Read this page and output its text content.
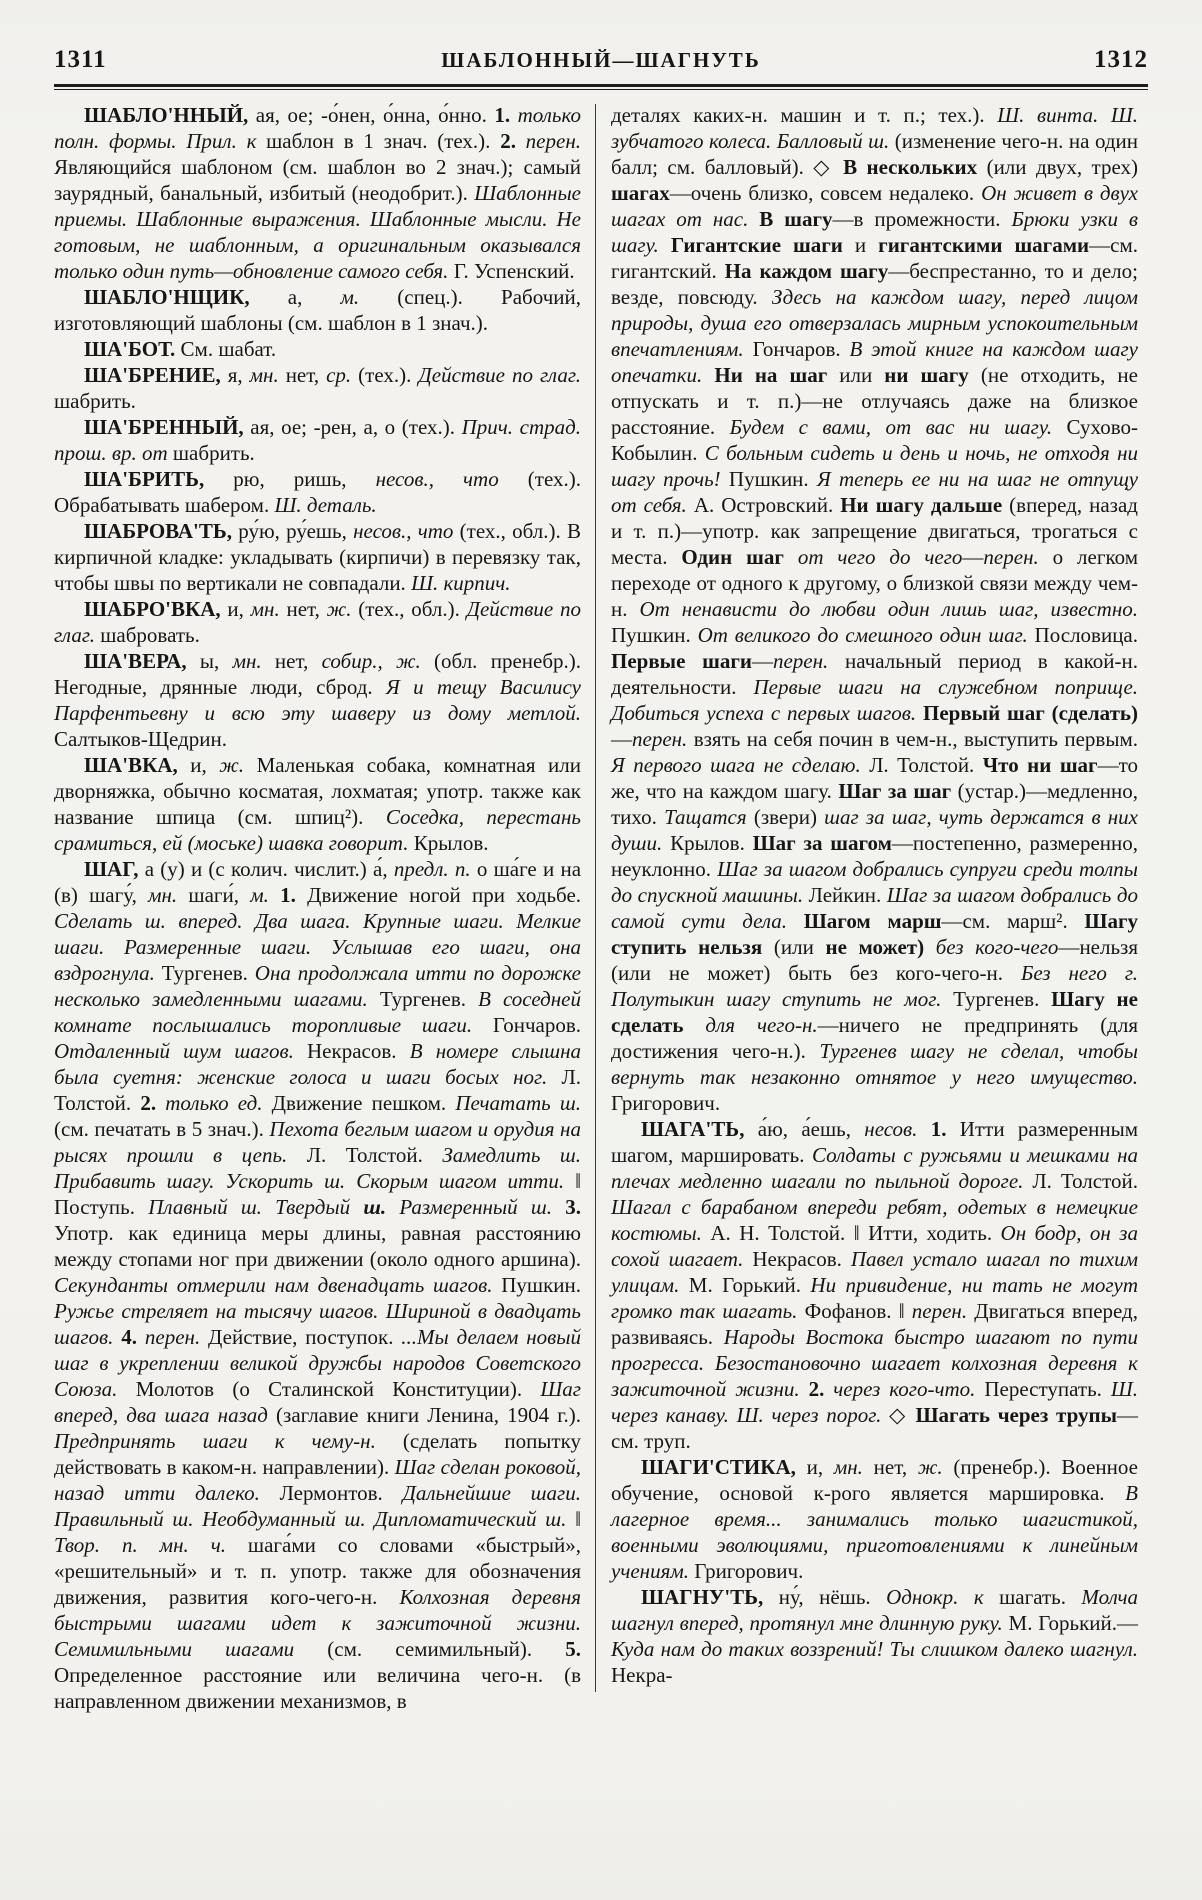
1311	ШАБЛОННЫЙ—ШАГНУТЬ	1312

ШАБЛО'ННЫЙ, ая, ое; -о́нен, о́нна, о́нно. 1. только полн. формы. Прил. к шаблон в 1 знач. (тех.). 2. перен. Являющийся шаблоном (см. шаблон во 2 знач.); самый заурядный, банальный, избитый (неодобрит.). Шаблонные приемы. Шаблонные выражения. Шаблонные мысли. Не готовым, не шаблонным, а оригинальным оказывался только один путь—обновление самого себя. Г. Успенский.

ШАБЛО'НЩИК, а, м. (спец.). Рабочий, изготовляющий шаблоны (см. шаблон в 1 знач.).

ША'БОТ. См. шабат.

ША'БРЕНИЕ, я, мн. нет, ср. (тех.). Действие по глаг. шабрить.

ША'БРЕННЫЙ, ая, ое; -рен, а, о (тех.). Прич. страд. прош. вр. от шабрить.

ША'БРИТЬ, рю, ришь, несов., что (тех.). Обрабатывать шабером. Ш. деталь.

ШАБРОВА'ТЬ, ру́ю, ру́ешь, несов., что (тех., обл.). В кирпичной кладке: укладывать (кирпичи) в перевязку так, чтобы швы по вертикали не совпадали. Ш. кирпич.

ШАБРО'ВКА, и, мн. нет, ж. (тех., обл.). Действие по глаг. шабровать.

ША'ВЕРА, ы, мн. нет, собир., ж. (обл. пренебр.). Негодные, дрянные люди, сброд. Я и тещу Василису Парфентьевну и всю эту шаверу из дому метлой. Салтыков-Щедрин.

ША'ВКА, и, ж. Маленькая собака, комнатная или дворняжка, обычно косматая, лохматая; употр. также как название шпица (см. шпиц²). Соседка, перестань срамиться, ей (моське) шавка говорит. Крылов.

ШАГ, а (у) и (с колич. числит.) а́, предл. п. о ша́ге и на (в) шагу́, мн. шаги́, м. 1. Движение ногой при ходьбе. Сделать ш. вперед. Два шага. Крупные шаги. Мелкие шаги. Размеренные шаги. Услышав его шаги, она вздрогнула. Тургенев. Она продолжала итти по дорожке несколько замедленными шагами. Тургенев. В соседней комнате послышались торопливые шаги. Гончаров. Отдаленный шум шагов. Некрасов. В номере слышна была суетня: женские голоса и шаги босых ног. Л. Толстой. 2. только ед. Движение пешком. Печатать ш. (см. печатать в 5 знач.). Пехота беглым шагом и орудия на рысях прошли в цепь. Л. Толстой. Замедлить ш. Прибавить шагу. Ускорить ш. Скорым шагом итти. ‖ Поступь. Плавный ш. Твердый ш. Размеренный ш. 3. Употр. как единица меры длины, равная расстоянию между стопами ног при движении (около одного аршина). Секунданты отмерили нам двенадцать шагов. Пушкин. Ружье стреляет на тысячу шагов. Шириной в двадцать шагов. 4. перен. Действие, поступок. ...Мы делаем новый шаг в укреплении великой дружбы народов Советского Союза. Молотов (о Сталинской Конституции). Шаг вперед, два шага назад (заглавие книги Ленина, 1904 г.). Предпринять шаги к чему-н. (сделать попытку действовать в каком-н. направлении). Шаг сделан роковой, назад итти далеко. Лермонтов. Дальнейшие шаги. Правильный ш. Необдуманный ш. Дипломатический ш. ‖ Твор. п. мн. ч. шага́ми со словами «быстрый», «решительный» и т. п. употр. также для обозначения движения, развития кого-чего-н. Колхозная деревня быстрыми шагами идет к зажиточной жизни. Семимильными шагами (см. семимильный). 5. Определенное расстояние или величина чего-н. (в направленном движении механизмов, в

деталях каких-н. машин и т. п.; тех.). Ш. винта. Ш. зубчатого колеса. Балловый ш. (изменение чего-н. на один балл; см. балловый). ◇ В нескольких (или двух, трех) шагах—очень близко, совсем недалеко. Он живет в двух шагах от нас. В шагу—в промежности. Брюки узки в шагу. Гигантские шаги и гигантскими шагами—см. гигантский. На каждом шагу—беспрестанно, то и дело; везде, повсюду. Здесь на каждом шагу, перед лицом природы, душа его отверзалась мирным успокоительным впечатлениям. Гончаров. В этой книге на каждом шагу опечатки. Ни на шаг или ни шагу (не отходить, не отпускать и т. п.)—не отлучаясь даже на близкое расстояние. Будем с вами, от вас ни шагу. Сухово-Кобылин. С больным сидеть и день и ночь, не отходя ни шагу прочь! Пушкин. Я теперь ее ни на шаг не отпущу от себя. А. Островский. Ни шагу дальше (вперед, назад и т. п.)—употр. как запрещение двигаться, трогаться с места. Один шаг от чего до чего—перен. о легком переходе от одного к другому, о близкой связи между чем-н. От ненависти до любви один лишь шаг, известно. Пушкин. От великого до смешного один шаг. Пословица. Первые шаги—перен. начальный период в какой-н. деятельности. Первые шаги на служебном поприще. Добиться успеха с первых шагов. Первый шаг (сделать)—перен. взять на себя почин в чем-н., выступить первым. Я первого шага не сделаю. Л. Толстой. Что ни шаг—то же, что на каждом шагу. Шаг за шаг (устар.)—медленно, тихо. Тащатся (звери) шаг за шаг, чуть держатся в них души. Крылов. Шаг за шагом—постепенно, размеренно, неуклонно. Шаг за шагом добрались супруги среди толпы до спускной машины. Лейкин. Шаг за шагом добрались до самой сути дела. Шагом марш—см. марш². Шагу ступить нельзя (или не может) без кого-чего—нельзя (или не может) быть без кого-чего-н. Без него г. Полутыкин шагу ступить не мог. Тургенев. Шагу не сделать для чего-н.—ничего не предпринять (для достижения чего-н.). Тургенев шагу не сделал, чтобы вернуть так незаконно отнятое у него имущество. Григорович.

ШАГА'ТЬ, а́ю, а́ешь, несов. 1. Итти размеренным шагом, маршировать. Солдаты с ружьями и мешками на плечах медленно шагали по пыльной дороге. Л. Толстой. Шагал с барабаном впереди ребят, одетых в немецкие костюмы. А. Н. Толстой. ‖ Итти, ходить. Он бодр, он за сохой шагает. Некрасов. Павел устало шагал по тихим улицам. М. Горький. Ни привидение, ни тать не могут громко так шагать. Фофанов. ‖ перен. Двигаться вперед, развиваясь. Народы Востока быстро шагают по пути прогресса. Безостановочно шагает колхозная деревня к зажиточной жизни. 2. через кого-что. Переступать. Ш. через канаву. Ш. через порог. ◇ Шагать через трупы—см. труп.

ШАГИ'СТИКА, и, мн. нет, ж. (пренебр.). Военное обучение, основой к-рого является маршировка. В лагерное время... занимались только шагистикой, военными эволюциями, приготовлениями к линейным учениям. Григорович.

ШАГНУ'ТЬ, ну́, нёшь. Однокр. к шагать. Молча шагнул вперед, протянул мне длинную руку. М. Горький.—Куда нам до таких воззрений! Ты слишком далеко шагнул. Некра-
